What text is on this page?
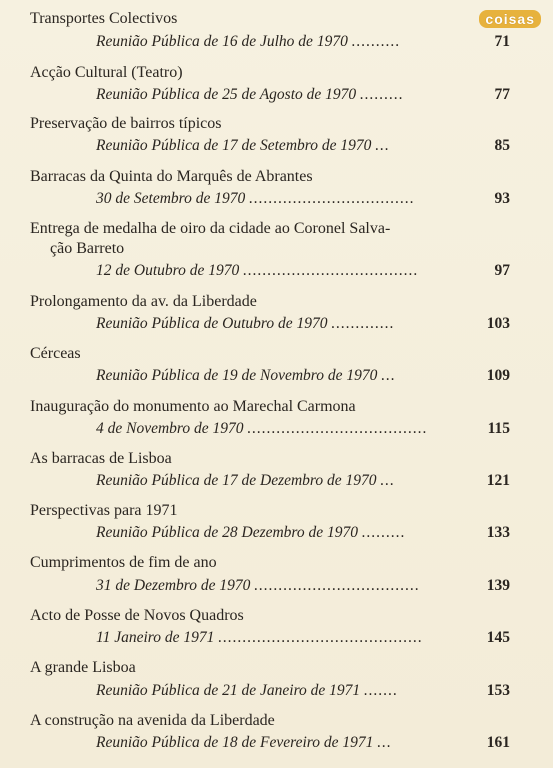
coisas
Transportes Colectivos
Reunião Pública de 16 de Julho de 1970 ..........	71
Acção Cultural (Teatro)
Reunião Pública de 25 de Agosto de 1970 .........	77
Preservação de bairros típicos
Reunião Pública de 17 de Setembro de 1970 ...	85
Barracas da Quinta do Marquês de Abrantes
30 de Setembro de 1970 ..................................	93
Entrega de medalha de oiro da cidade ao Coronel Salva-
ção Barreto
12 de Outubro de 1970 ....................................	97
Prolongamento da av. da Liberdade
Reunião Pública de Outubro de 1970 .............	103
Cérceas
Reunião Pública de 19 de Novembro de 1970 ...	109
Inauguração do monumento ao Marechal Carmona
4 de Novembro de 1970 .....................................	115
As barracas de Lisboa
Reunião Pública de 17 de Dezembro de 1970 ...	121
Perspectivas para 1971
Reunião Pública de 28 Dezembro de 1970 .........	133
Cumprimentos de fim de ano
31 de Dezembro de 1970 ..................................	139
Acto de Posse de Novos Quadros
11 Janeiro de 1971 ..........................................	145
A grande Lisboa
Reunião Pública de 21 de Janeiro de 1971 .......	153
A construção na avenida da Liberdade
Reunião Pública de 18 de Fevereiro de 1971 ...	161
